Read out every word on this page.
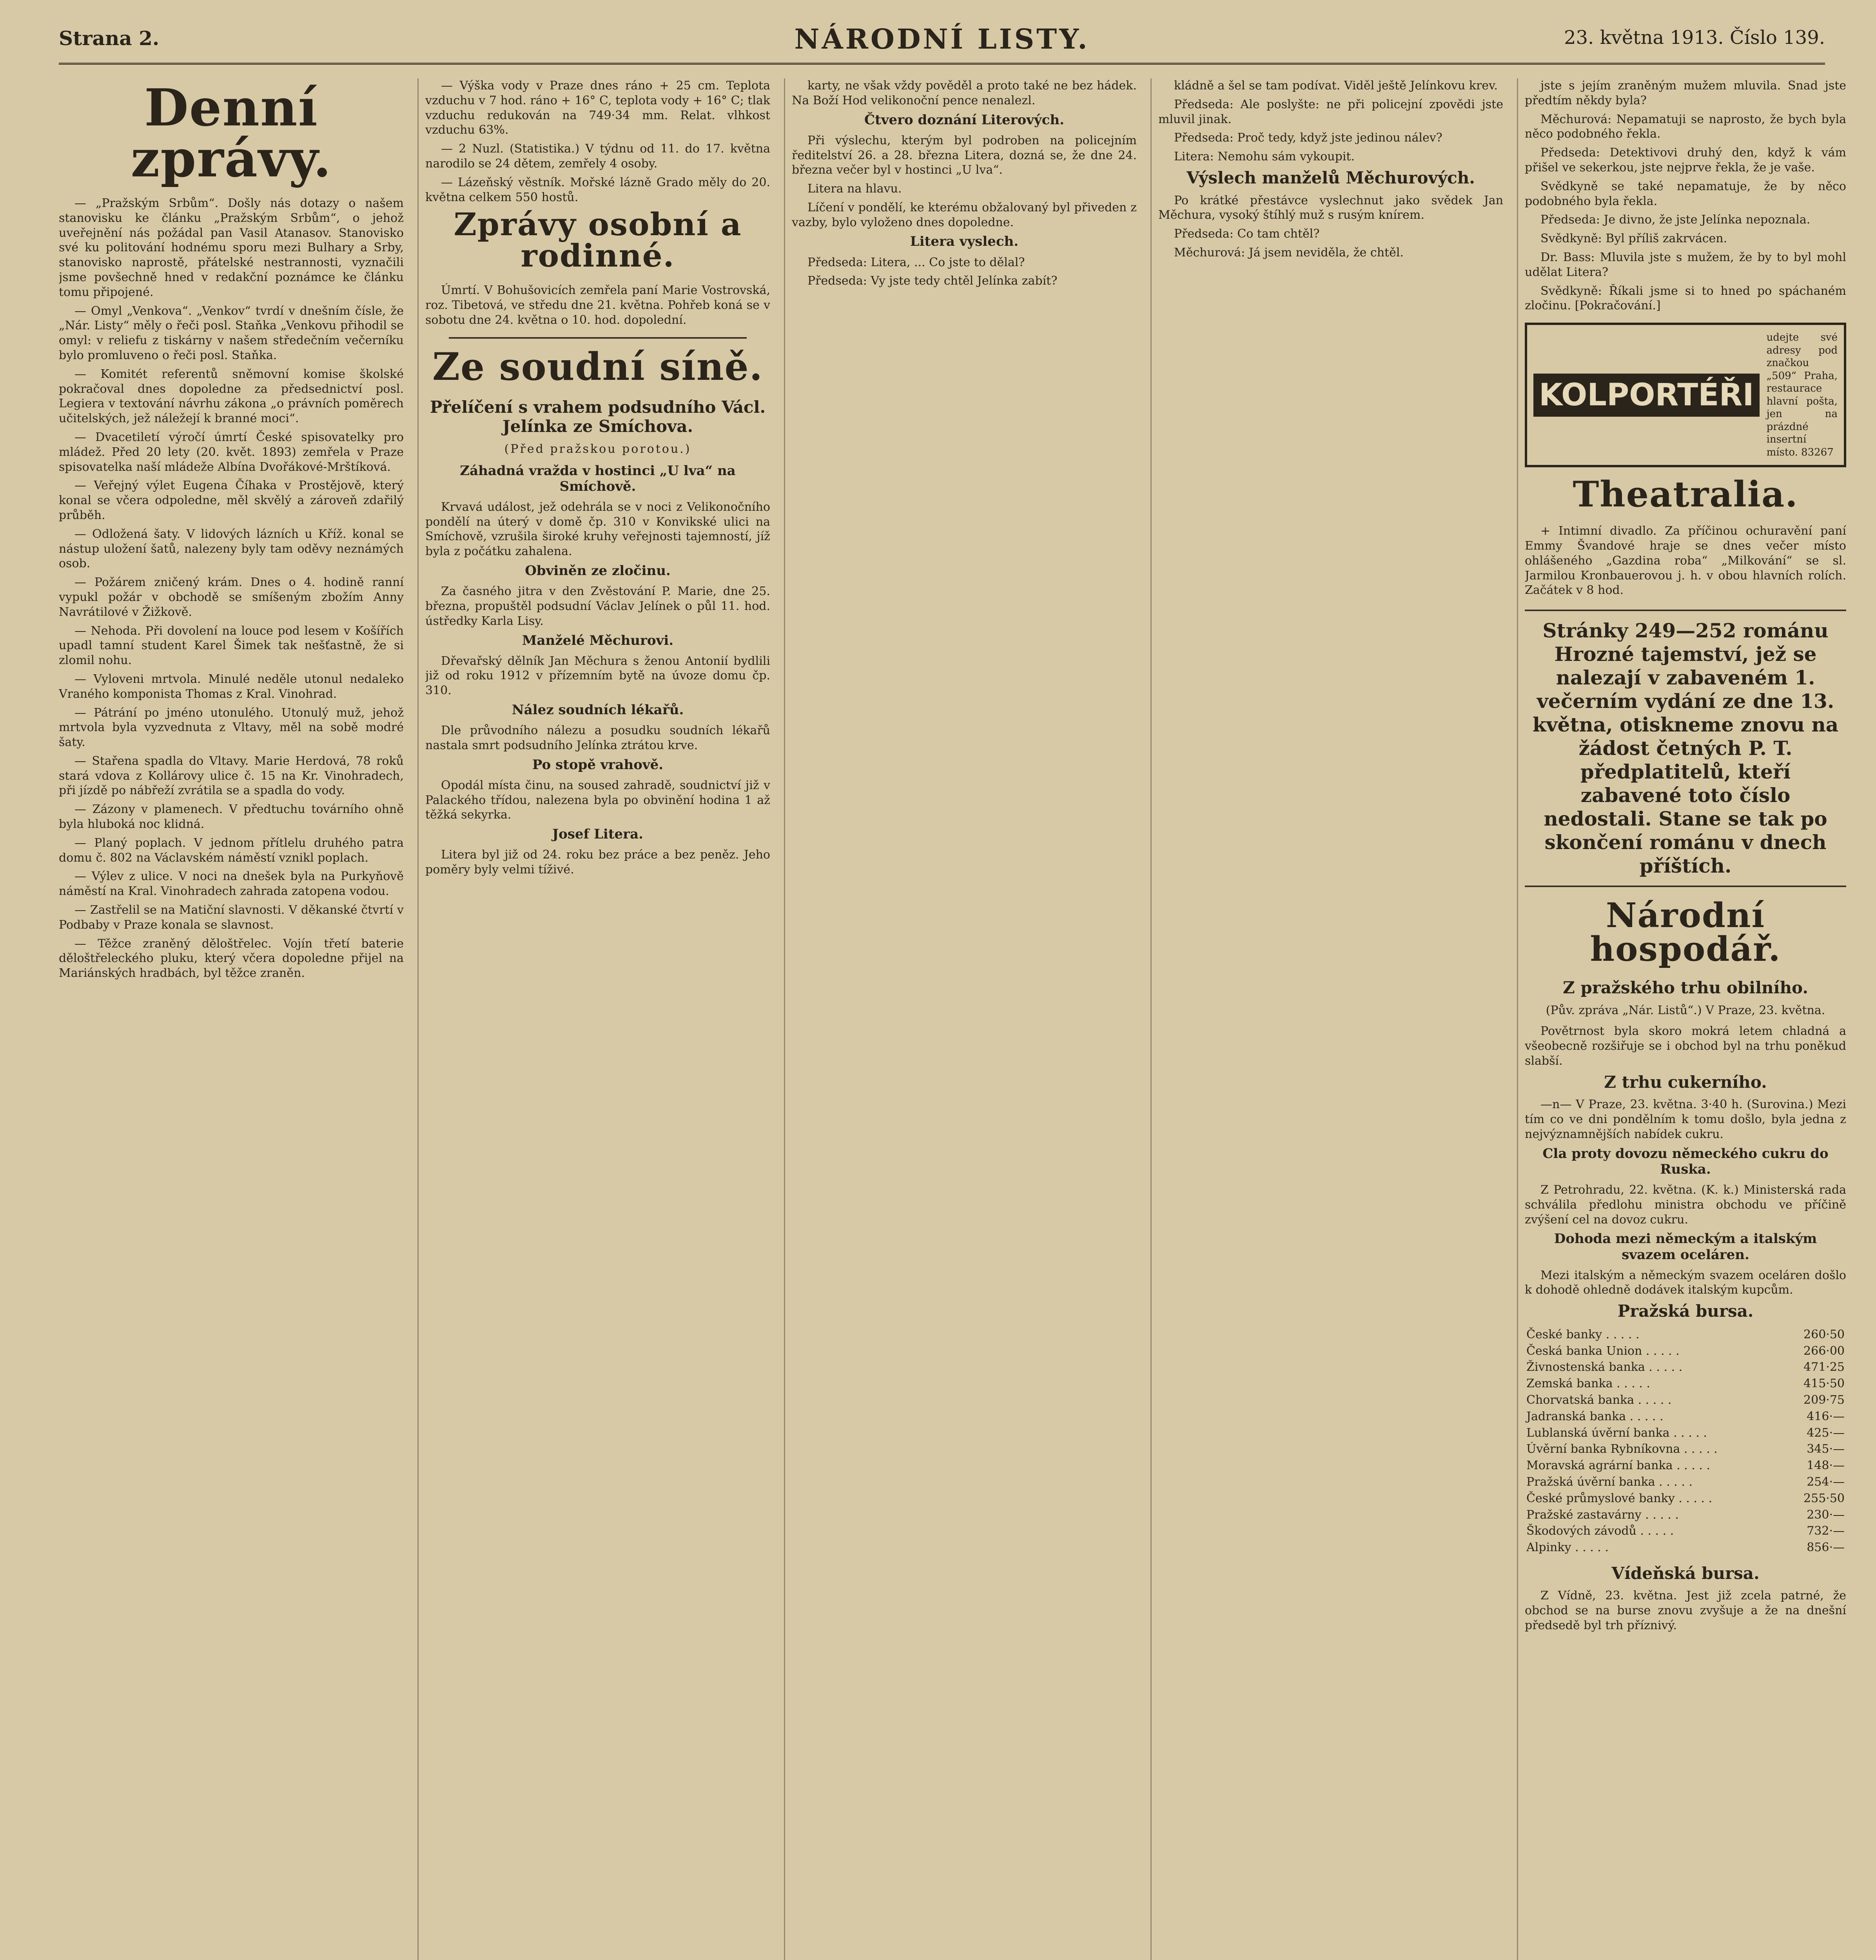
Strana 2.	NÁRODNÍ LISTY.	23. května 1913. Číslo 139.
Denní zprávy.

— „Pražským Srbům“. Došly nás dotazy o našem stanovisku ke článku „Pražským Srbům“, o jehož uveřejnění nás požádal pan Vasil Atanasov. Stanovisko své ku politování hodnému sporu mezi Bulhary a Srby, stanovisko naprostě, přátelské nestrannosti, vyznačili jsme povšechně hned v redakční poznámce ke článku tomu připojené.

— Omyl „Venkova“. „Venkov“ tvrdí v dnešním čísle, že „Nár. Listy“ měly o řeči posl. Staňka „Venkovu přihodil se omyl: v reliefu z tiskárny v našem středečním večerníku bylo promluveno o řeči posl. Staňka.

— Komitét referentů sněmovní komise školské pokračoval dnes dopoledne za předsednictví posl. Legiera v textování návrhu zákona „o právních poměrech učitelských, jež náležejí k branné moci“.

— Dvacetiletí výročí úmrtí České spisovatelky pro mládež. Před 20 lety (20. květ. 1893) zemřela v Praze spisovatelka naší mládeže Albína Dvořákové-Mrštíková.

— Veřejný výlet Eugena Číhaka v Prostějově, který konal se včera odpoledne, měl skvělý a zároveň zdařilý průběh.

— Odložená šaty. V lidových lázních u Kříž. konal se nástup uložení šatů, nalezeny byly tam oděvy neznámých osob.

— Požárem zničený krám. Dnes o 4. hodině ranní vypukl požár v obchodě se smíšeným zbožím Anny Navrátilové v Žižkově.

— Nehoda. Při dovolení na louce pod lesem v Košířích upadl tamní student Karel Šimek tak nešťastně, že si zlomil nohu.

— Vyloveni mrtvola. Minulé neděle utonul nedaleko Vraného komponista Thomas z Kral. Vinohrad.

— Pátrání po jméno utonulého. Utonulý muž, jehož mrtvola byla vyzvednuta z Vltavy, měl na sobě modré šaty.

— Stařena spadla do Vltavy. Marie Herdová, 78 roků stará vdova z Kollárovy ulice č. 15 na Kr. Vinohradech, při jízdě po nábřeží zvrátila se a spadla do vody.

— Zázony v plamenech. V předtuchu továrního ohně byla hluboká noc klidná.

— Planý poplach. V jednom přítlelu druhého patra domu č. 802 na Václavském náměstí vznikl poplach.

— Výlev z ulice. V noci na dnešek byla na Purkyňově náměstí na Kral. Vinohradech zahrada zatopena vodou.

— Zastřelil se na Matiční slavnosti. V děkanské čtvrtí v Podbaby v Praze konala se slavnost.

— Těžce zraněný děloštřelec. Vojín třetí baterie děloštřeleckého pluku, který včera dopoledne přijel na Mariánských hradbách, byl těžce zraněn.

— Výška vody v Praze dnes ráno + 25 cm. Teplota vzduchu v 7 hod. ráno + 16° C, teplota vody + 16° C; tlak vzduchu redukován na 749·34 mm. Relat. vlhkost vzduchu 63%.

— 2 Nuzl. (Statistika.) V týdnu od 11. do 17. května narodilo se 24 dětem, zemřely 4 osoby.

— Lázeňský věstník. Mořské lázně Grado měly do 20. května celkem 550 hostů.

Zprávy osobní a rodinné.

Úmrtí. V Bohušovicích zemřela paní Marie Vostrovská, roz. Tibetová, ve středu dne 21. května. Pohřeb koná se v sobotu dne 24. května o 10. hod. dopolední.

Ze soudní síně.
Přelíčení s vrahem podsudního Václ. Jelínka ze Smíchova.
(Před pražskou porotou.)
Záhadná vražda v hostinci „U lva“ na Smíchově.

Krvavá událost, jež odehrála se v noci z Velikonočního pondělí na úterý v domě čp. 310 v Konvikské ulici na Smíchově, vzrušila široké kruhy veřejnosti tajemností, jíž byla z počátku zahalena.

Obviněn ze zločinu.

Za časného jitra v den Zvěstování P. Marie, dne 25. března, propuštěl podsudní Václav Jelínek o půl 11. hod. ústředky Karla Lisy.

Manželé Měchurovi.

Dřevařský dělník Jan Měchura s ženou Antonií bydlili již od roku 1912 v přízemním bytě na úvoze domu čp. 310.

Nález soudních lékařů.

Dle průvodního nálezu a posudku soudních lékařů nastala smrt podsudního Jelínka ztrátou krve.

Po stopě vrahově.

Opodál místa činu, na soused zahradě, soudnictví již v Palackého třídou, nalezena byla po obvinění hodina 1 až těžká sekyrka.

Josef Litera.

Litera byl již od 24. roku bez práce a bez peněz. Jeho poměry byly velmi tíživé.

karty, ne však vždy pověděl a proto také ne bez hádek. Na Boží Hod velikonoční pence nenalezl.

Čtvero doznání Literových.

Při výslechu, kterým byl podroben na policejním ředitelství 26. a 28. března Litera, dozná se, že dne 24. března večer byl v hostinci „U lva“.

Litera na hlavu.

Líčení v pondělí, ke kterému obžalovaný byl přiveden z vazby, bylo vyloženo dnes dopoledne.

Litera vyslech.

Předseda: Litera, ... Co jste to dělal?

Předseda: Vy jste tedy chtěl Jelínka zabít?

kládně a šel se tam podívat. Viděl ještě Jelínkovu krev.

Předseda: Ale poslyšte: ne při policejní zpovědi jste mluvil jinak.

Předseda: Proč tedy, když jste jedinou nálev?

Litera: Nemohu sám vykoupit.

Výslech manželů Měchurových.

Po krátké přestávce vyslechnut jako svědek Jan Měchura, vysoký štíhlý muž s rusým knírem.

Předseda: Co tam chtěl?

Měchurová: Já jsem neviděla, že chtěl.

jste s jejím zraněným mužem mluvila. Snad jste předtím někdy byla?

Měchurová: Nepamatuji se naprosto, že bych byla něco podobného řekla.

Předseda: Detektivovi druhý den, když k vám přišel ve sekerkou, jste nejprve řekla, že je vaše.

Svědkyně se také nepamatuje, že by něco podobného byla řekla.

Předseda: Je divno, že jste Jelínka nepoznala.

Svědkyně: Byl příliš zakrvácen.

Dr. Bass: Mluvila jste s mužem, že by to byl mohl udělat Litera?

Svědkyně: Říkali jsme si to hned po spáchaném zločinu. [Pokračování.]

KOLPORTÉŘI
udejte své adresy pod značkou „509“ Praha, restaurace hlavní pošta, jen na prázdné insertní místo. 83267
Theatralia.

+ Intimní divadlo. Za příčinou ochuravění paní Emmy Švandové hraje se dnes večer místo ohlášeného „Gazdina roba“ „Milkování“ se sl. Jarmilou Kronbauerovou j. h. v obou hlavních rolích. Začátek v 8 hod.

Stránky 249—252 románu Hrozné tajemství, jež se nalezají v zabaveném 1. večerním vydání ze dne 13. května, otiskneme znovu na žádost četných P. T. předplatitelů, kteří zabavené toto číslo nedostali. Stane se tak po skončení románu v dnech příštích.
Národní hospodář.
Z pražského trhu obilního.
(Pův. zpráva „Nár. Listů“.) V Praze, 23. května.

Povětrnost byla skoro mokrá letem chladná a všeobecně rozšiřuje se i obchod byl na trhu poněkud slabší.

Z trhu cukerního.

—n— V Praze, 23. května. 3·40 h. (Surovina.) Mezi tím co ve dni pondělním k tomu došlo, byla jedna z nejvýznamnějších nabídek cukru.

Cla proty dovozu německého cukru do Ruska.

Z Petrohradu, 22. května. (K. k.) Ministerská rada schválila předlohu ministra obchodu ve příčině zvýšení cel na dovoz cukru.

Dohoda mezi německým a italským svazem oceláren.

Mezi italským a německým svazem oceláren došlo k dohodě ohledně dodávek italským kupcům.

Pražská bursa.
České banky . . . . .	260·50
Česká banka Union . . . . .	266·00
Živnostenská banka . . . . .	471·25
Zemská banka . . . . .	415·50
Chorvatská banka . . . . .	209·75
Jadranská banka . . . . .	416·—
Lublanská úvěrní banka . . . . .	425·—
Úvěrní banka Rybníkovna . . . . .	345·—
Moravská agrární banka . . . . .	148·—
Pražská úvěrní banka . . . . .	254·—
České průmyslové banky . . . . .	255·50
Pražské zastavárny . . . . .	230·—
Škodových závodů . . . . .	732·—
Alpinky . . . . .	856·—
Vídeňská bursa.

Z Vídně, 23. května. Jest již zcela patrné, že obchod se na burse znovu zvyšuje a že na dnešní předsedě byl trh příznivý.
